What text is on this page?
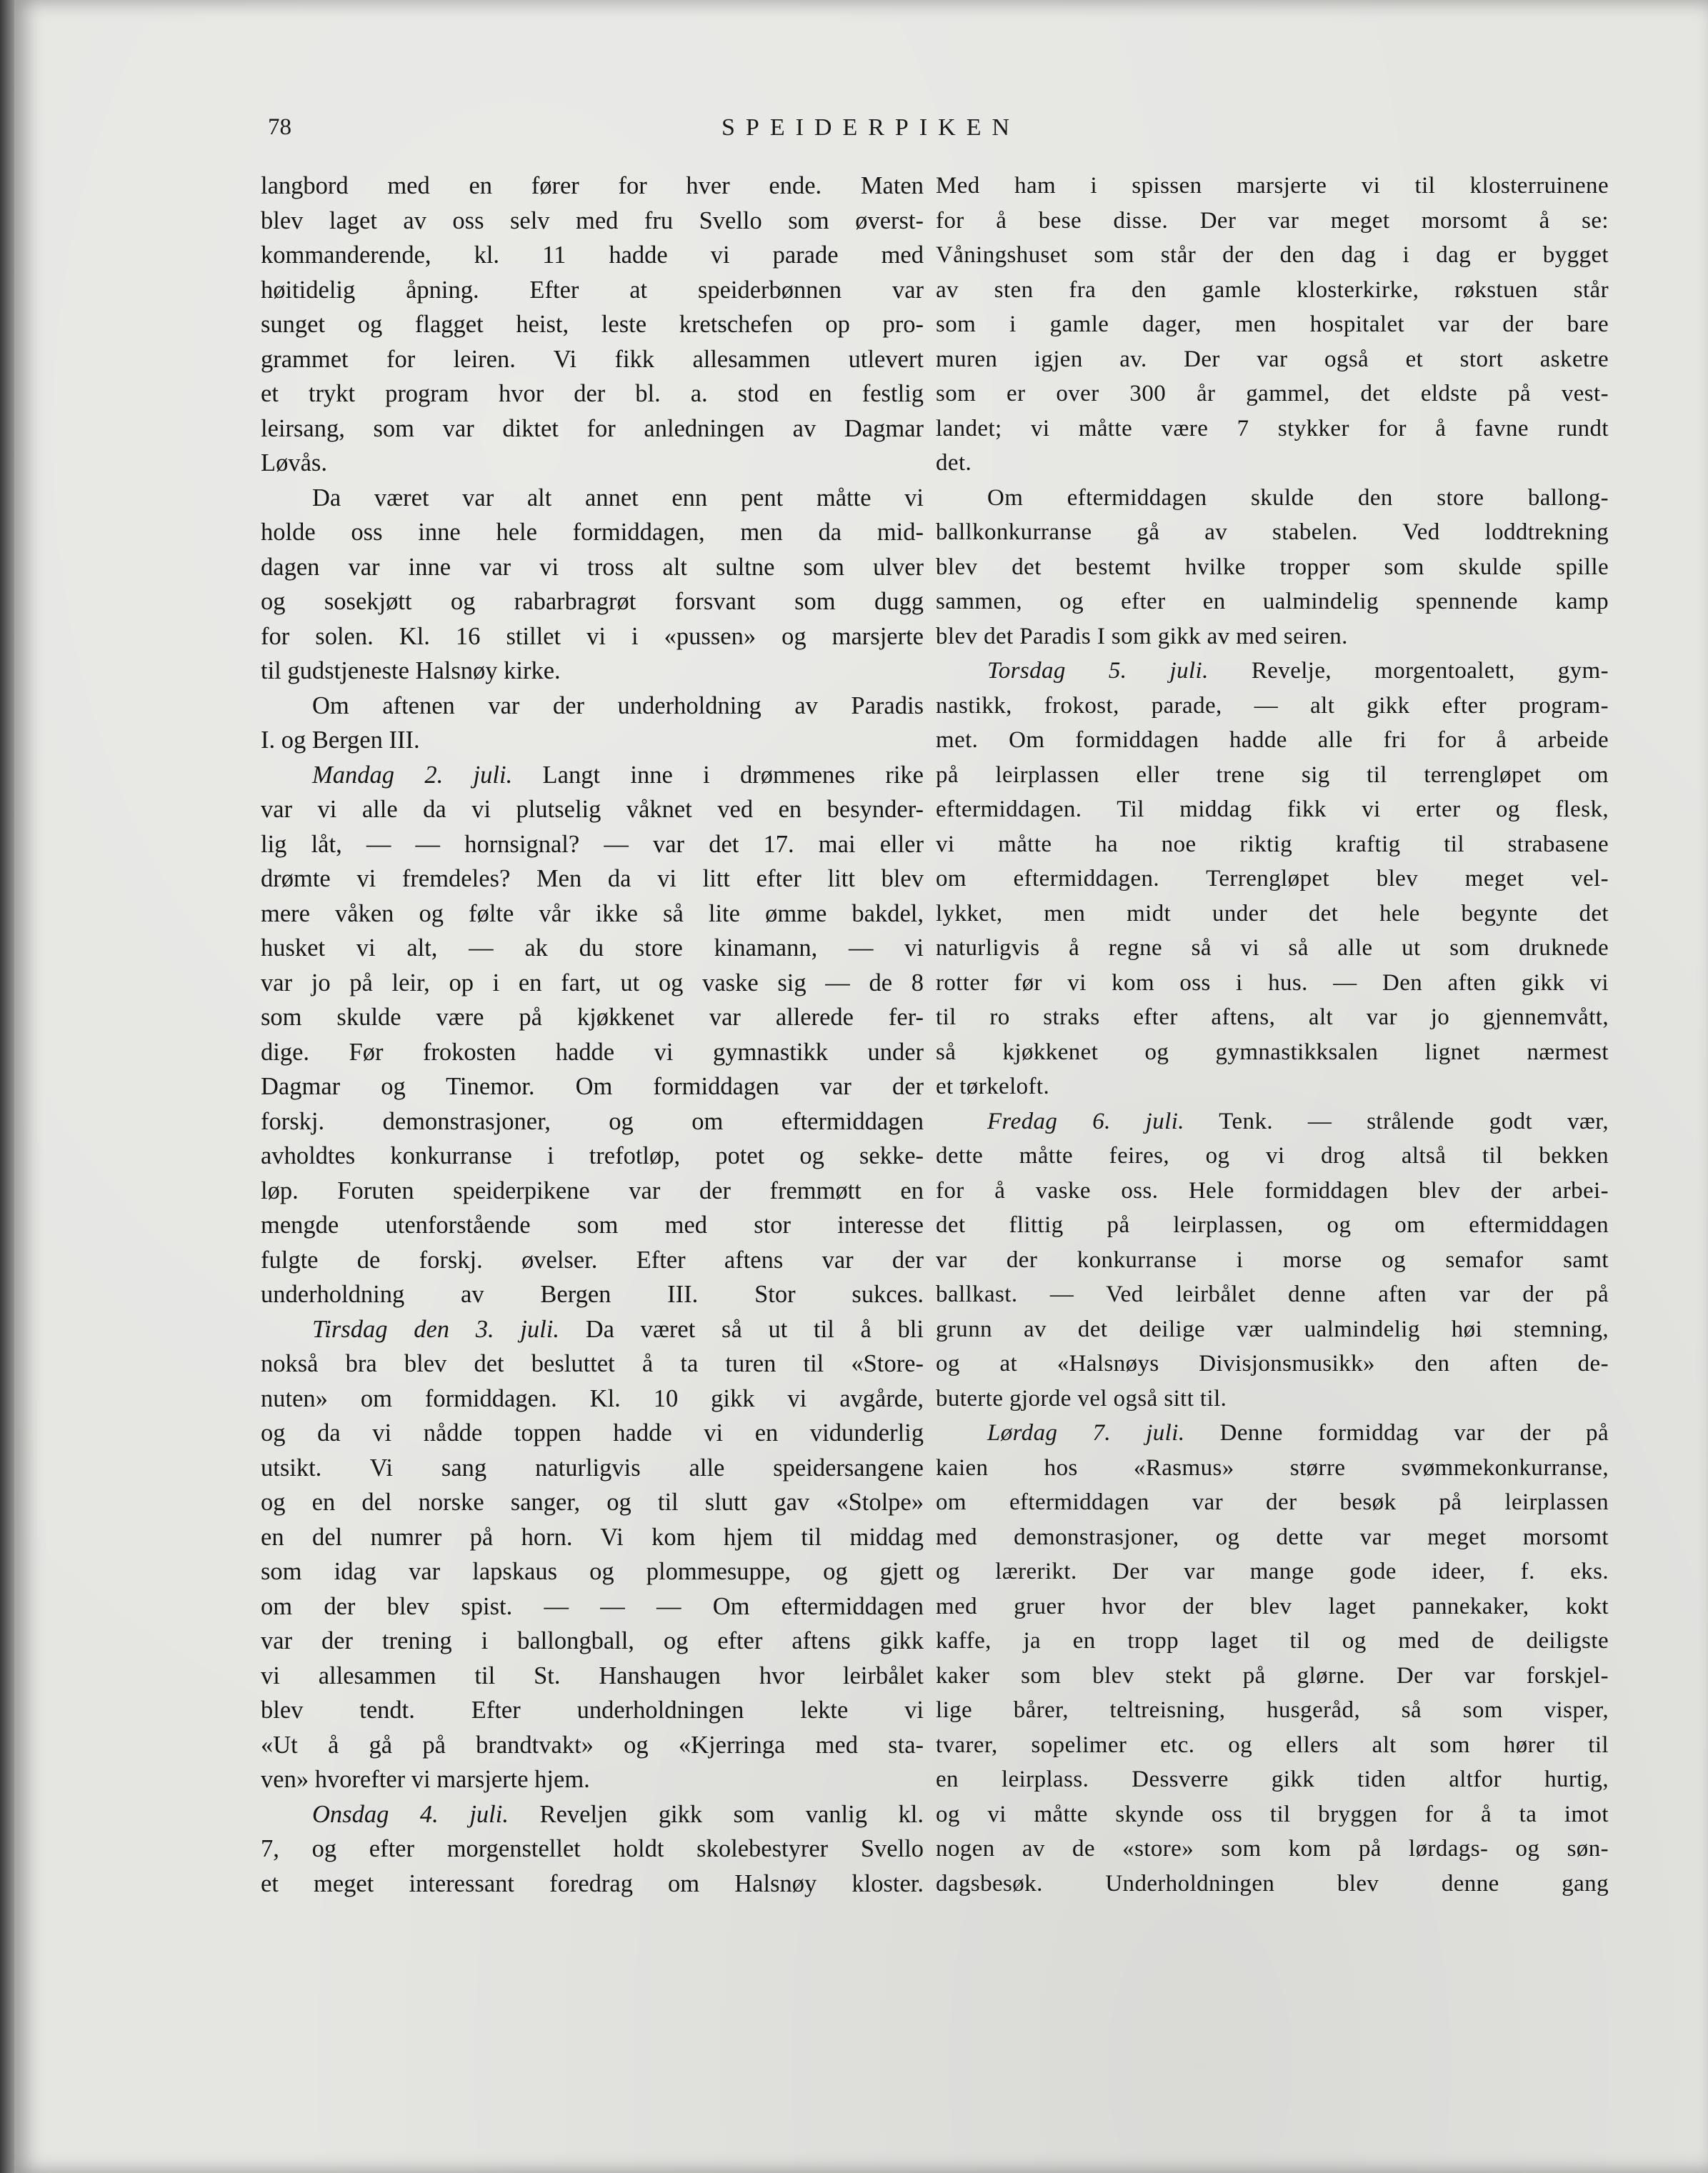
78	SPEIDERPIKEN
langbord med en fører for hver ende. Maten
blev laget av oss selv med fru Svello som øverst-
kommanderende, kl. 11 hadde vi parade med
høitidelig åpning. Efter at speiderbønnen var
sunget og flagget heist, leste kretschefen op pro-
grammet for leiren. Vi fikk allesammen utlevert
et trykt program hvor der bl. a. stod en festlig
leirsang, som var diktet for anledningen av Dagmar
Løvås.
Da været var alt annet enn pent måtte vi
holde oss inne hele formiddagen, men da mid-
dagen var inne var vi tross alt sultne som ulver
og sosekjøtt og rabarbragrøt forsvant som dugg
for solen. Kl. 16 stillet vi i «pussen» og marsjerte
til gudstjeneste Halsnøy kirke.
Om aftenen var der underholdning av Paradis
I. og Bergen III.
Mandag 2. juli. Langt inne i drømmenes rike
var vi alle da vi plutselig våknet ved en besynder-
lig låt, — — hornsignal? — var det 17. mai eller
drømte vi fremdeles? Men da vi litt efter litt blev
mere våken og følte vår ikke så lite ømme bakdel,
husket vi alt, — ak du store kinamann, — vi
var jo på leir, op i en fart, ut og vaske sig — de 8
som skulde være på kjøkkenet var allerede fer-
dige. Før frokosten hadde vi gymnastikk under
Dagmar og Tinemor. Om formiddagen var der
forskj. demonstrasjoner, og om eftermiddagen
avholdtes konkurranse i trefotløp, potet og sekke-
løp. Foruten speiderpikene var der fremmøtt en
mengde utenforstående som med stor interesse
fulgte de forskj. øvelser. Efter aftens var der
underholdning av Bergen III. Stor sukces.
Tirsdag den 3. juli. Da været så ut til å bli
nokså bra blev det besluttet å ta turen til «Store-
nuten» om formiddagen. Kl. 10 gikk vi avgårde,
og da vi nådde toppen hadde vi en vidunderlig
utsikt. Vi sang naturligvis alle speidersangene
og en del norske sanger, og til slutt gav «Stolpe»
en del numrer på horn. Vi kom hjem til middag
som idag var lapskaus og plommesuppe, og gjett
om der blev spist. — — — Om eftermiddagen
var der trening i ballongball, og efter aftens gikk
vi allesammen til St. Hanshaugen hvor leirbålet
blev tendt. Efter underholdningen lekte vi
«Ut å gå på brandtvakt» og «Kjerringa med sta-
ven» hvorefter vi marsjerte hjem.
Onsdag 4. juli. Reveljen gikk som vanlig kl.
7, og efter morgenstellet holdt skolebestyrer Svello
et meget interessant foredrag om Halsnøy kloster.
Med ham i spissen marsjerte vi til klosterruinene
for å bese disse. Der var meget morsomt å se:
Våningshuset som står der den dag i dag er bygget
av sten fra den gamle klosterkirke, røkstuen står
som i gamle dager, men hospitalet var der bare
muren igjen av. Der var også et stort asketre
som er over 300 år gammel, det eldste på vest-
landet; vi måtte være 7 stykker for å favne rundt
det.
Om eftermiddagen skulde den store ballong-
ballkonkurranse gå av stabelen. Ved loddtrekning
blev det bestemt hvilke tropper som skulde spille
sammen, og efter en ualmindelig spennende kamp
blev det Paradis I som gikk av med seiren.
Torsdag 5. juli. Revelje, morgentoalett, gym-
nastikk, frokost, parade, — alt gikk efter program-
met. Om formiddagen hadde alle fri for å arbeide
på leirplassen eller trene sig til terrengløpet om
eftermiddagen. Til middag fikk vi erter og flesk,
vi måtte ha noe riktig kraftig til strabasene
om eftermiddagen. Terrengløpet blev meget vel-
lykket, men midt under det hele begynte det
naturligvis å regne så vi så alle ut som druknede
rotter før vi kom oss i hus. — Den aften gikk vi
til ro straks efter aftens, alt var jo gjennemvått,
så kjøkkenet og gymnastikksalen lignet nærmest
et tørkeloft.
Fredag 6. juli. Tenk. — strålende godt vær,
dette måtte feires, og vi drog altså til bekken
for å vaske oss. Hele formiddagen blev der arbei-
det flittig på leirplassen, og om eftermiddagen
var der konkurranse i morse og semafor samt
ballkast. — Ved leirbålet denne aften var der på
grunn av det deilige vær ualmindelig høi stemning,
og at «Halsnøys Divisjonsmusikk» den aften de-
buterte gjorde vel også sitt til.
Lørdag 7. juli. Denne formiddag var der på
kaien hos «Rasmus» større svømmekonkurranse,
om eftermiddagen var der besøk på leirplassen
med demonstrasjoner, og dette var meget morsomt
og lærerikt. Der var mange gode ideer, f. eks.
med gruer hvor der blev laget pannekaker, kokt
kaffe, ja en tropp laget til og med de deiligste
kaker som blev stekt på glørne. Der var forskjel-
lige bårer, teltreisning, husgeråd, så som visper,
tvarer, sopelimer etc. og ellers alt som hører til
en leirplass. Dessverre gikk tiden altfor hurtig,
og vi måtte skynde oss til bryggen for å ta imot
nogen av de «store» som kom på lørdags- og søn-
dagsbesøk. Underholdningen blev denne gang
